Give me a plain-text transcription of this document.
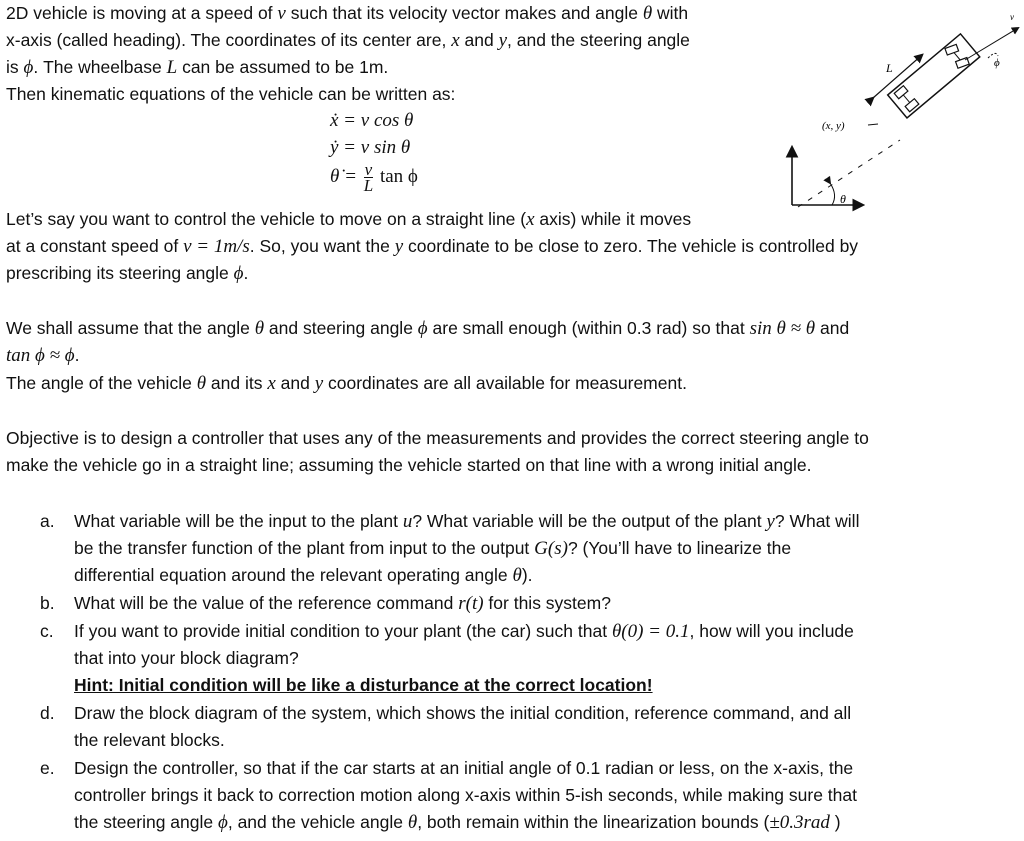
2D vehicle is moving at a speed of v such that its velocity vector makes and angle θ with
x-axis (called heading). The coordinates of its center are, x and y, and the steering angle
is ϕ. The wheelbase L can be assumed to be 1m.
Then kinematic equations of the vehicle can be written as:
ẋ = v cos θ
ẏ = v sin θ
θ̇ = $\frac{v}{L}$ tan ϕ
Let’s say you want to control the vehicle to move on a straight line (x axis) while it moves
at a constant speed of v = 1m/s. So, you want the y coordinate to be close to zero. The vehicle is controlled by
prescribing its steering angle ϕ.
We shall assume that the angle θ and steering angle ϕ are small enough (within 0.3 rad) so that sin θ ≈ θ and
tan ϕ ≈ ϕ.
The angle of the vehicle θ and its x and y coordinates are all available for measurement.
Objective is to design a controller that uses any of the measurements and provides the correct steering angle to
make the vehicle go in a straight line; assuming the vehicle started on that line with a wrong initial angle.
a.	What variable will be the input to the plant u? What variable will be the output of the plant y? What will
be the transfer function of the plant from input to the output G(s)? (You’ll have to linearize the
differential equation around the relevant operating angle θ).
b.	What will be the value of the reference command r(t) for this system?
c.	If you want to provide initial condition to your plant (the car) such that θ(0) = 0.1, how will you include
that into your block diagram?
Hint: Initial condition will be like a disturbance at the correct location!
d.	Draw the block diagram of the system, which shows the initial condition, reference command, and all
the relevant blocks.
e.	Design the controller, so that if the car starts at an initial angle of 0.1 radian or less, on the x-axis, the
controller brings it back to correction motion along x-axis within 5-ish seconds, while making sure that
the steering angle ϕ, and the vehicle angle θ, both remain within the linearization bounds (±0.3rad )
θ
(x, y)
L
v
ϕ
